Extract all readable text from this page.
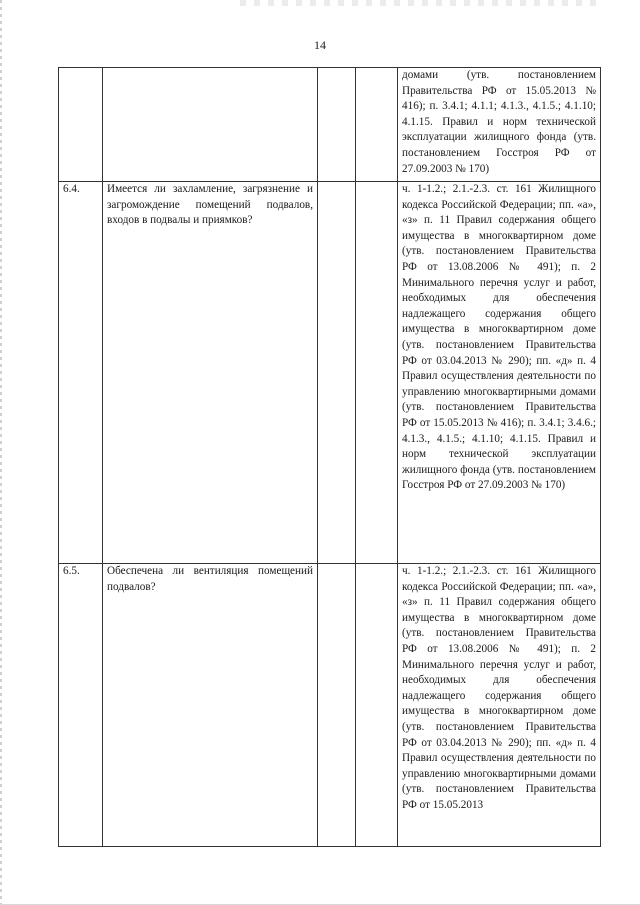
14
				домами (утв. постановлением Правительства РФ от 15.05.2013 № 416); п. 3.4.1; 4.1.1; 4.1.3., 4.1.5.; 4.1.10; 4.1.15. Правил и норм технической эксплуатации жилищного фонда (утв. постановлением Госстроя РФ от 27.09.2003 № 170)
6.4.	Имеется ли захламление, загрязнение и загромождение помещений подвалов, входов в подвалы и приямков?			ч. 1-1.2.; 2.1.-2.3. ст. 161 Жилищного кодекса Российской Федерации; пп. «а», «з» п. 11 Правил содержания общего имущества в многоквартирном доме (утв. постановлением Правительства РФ от 13.08.2006 № 491); п. 2 Минимального перечня услуг и работ, необходимых для обеспечения надлежащего содержания общего имущества в многоквартирном доме (утв. постановлением Правительства РФ от 03.04.2013 № 290); пп. «д» п. 4 Правил осуществления деятельности по управлению многоквартирными домами (утв. постановлением Правительства РФ от 15.05.2013 № 416); п. 3.4.1; 3.4.6.; 4.1.3., 4.1.5.; 4.1.10; 4.1.15. Правил и норм технической эксплуатации жилищного фонда (утв. постановлением Госстроя РФ от 27.09.2003 № 170)
6.5.	Обеспечена ли вентиляция помещений подвалов?			ч. 1-1.2.; 2.1.-2.3. ст. 161 Жилищного кодекса Российской Федерации; пп. «а», «з» п. 11 Правил содержания общего имущества в многоквартирном доме (утв. постановлением Правительства РФ от 13.08.2006 № 491); п. 2 Минимального перечня услуг и работ, необходимых для обеспечения надлежащего содержания общего имущества в многоквартирном доме (утв. постановлением Правительства РФ от 03.04.2013 № 290); пп. «д» п. 4 Правил осуществления деятельности по управлению многоквартирными домами (утв. постановлением Правительства РФ от 15.05.2013
